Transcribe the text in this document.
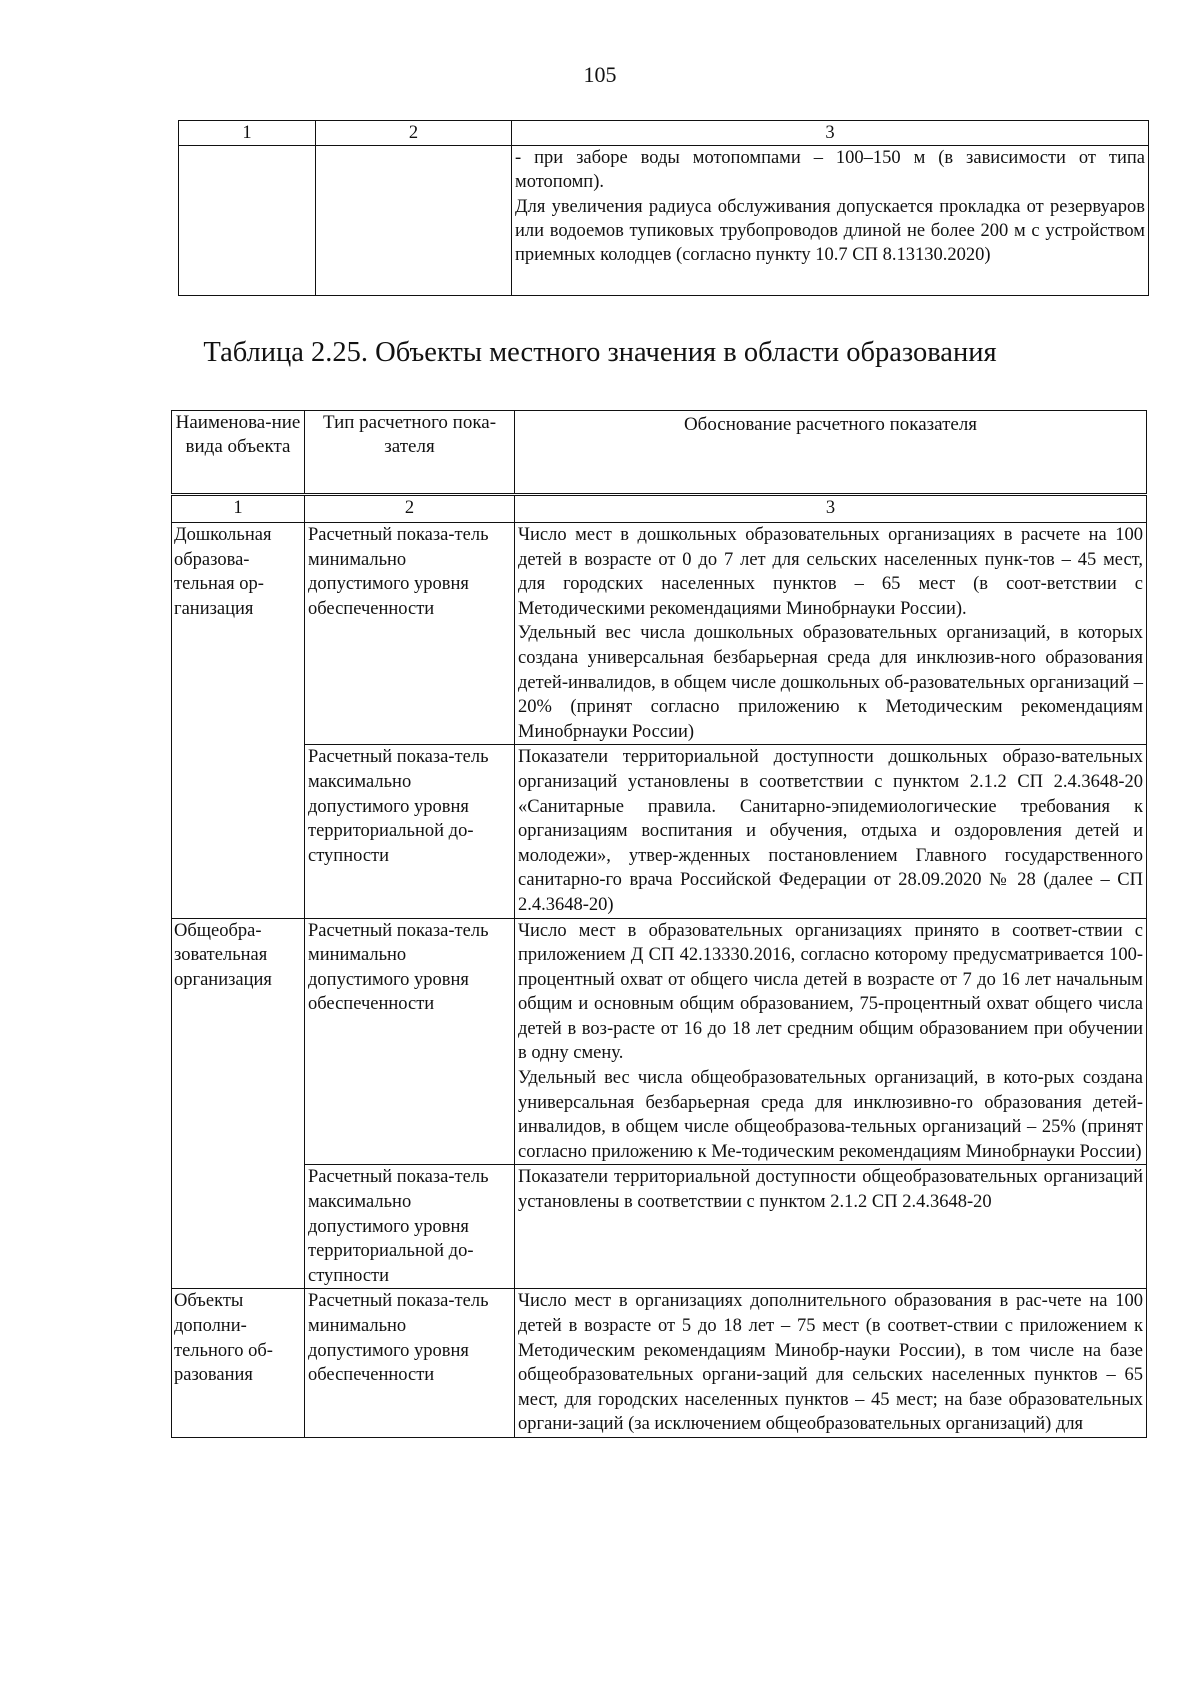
105
1	2	3

		- при заборе воды мотопомпами – 100–150 м (в зависимости от типа мотопомп).
Для увеличения радиуса обслуживания допускается прокладка от резервуаров или водоемов тупиковых трубопроводов длиной не более 200 м с устройством приемных колодцев (согласно пункту 10.7 СП 8.13130.2020)
Таблица 2.25. Объекты местного значения в области образования
Наименова-ние вида объекта	Тип расчетного пока-зателя	Обоснование расчетного показателя
1	2	3
Дошкольная образова-тельная ор-ганизация	Расчетный показа-тель минимально допустимого уровня обеспеченности	Число мест в дошкольных образовательных организациях в расчете на 100 детей в возрасте от 0 до 7 лет для сельских населенных пунк-тов – 45 мест, для городских населенных пунктов – 65 мест (в соот-ветствии с Методическими рекомендациями Минобрнауки России).

Удельный вес числа дошкольных образовательных организаций, в которых создана универсальная безбарьерная среда для инклюзив-ного образования детей-инвалидов, в общем числе дошкольных об-разовательных организаций – 20% (принят согласно приложению к Методическим рекомендациям Минобрнауки России)

	Расчетный показа-тель максимально допустимого уровня территориальной до-ступности	Показатели территориальной доступности дошкольных образо-вательных организаций установлены в соответствии с пунктом 2.1.2 СП 2.4.3648-20 «Санитарные правила. Санитарно-эпидемиологические требования к организациям воспитания и обучения, отдыха и оздоровления детей и молодежи», утвер-жденных постановлением Главного государственного санитарно-го врача Российской Федерации от 28.09.2020 № 28 (далее – СП 2.4.3648-20)

Общеобра-зовательная организация	Расчетный показа-тель минимально допустимого уровня обеспеченности	Число мест в образовательных организациях принято в соответ-ствии с приложением Д СП 42.13330.2016, согласно которому предусматривается 100-процентный охват от общего числа детей в возрасте от 7 до 16 лет начальным общим и основным общим образованием, 75-процентный охват общего числа детей в воз-расте от 16 до 18 лет средним общим образованием при обучении в одну смену.

Удельный вес числа общеобразовательных организаций, в кото-рых создана универсальная безбарьерная среда для инклюзивно-го образования детей-инвалидов, в общем числе общеобразова-тельных организаций – 25% (принят согласно приложению к Ме-тодическим рекомендациям Минобрнауки России)

	Расчетный показа-тель максимально допустимого уровня территориальной до-ступности	Показатели территориальной доступности общеобразовательных организаций установлены в соответствии с пунктом 2.1.2 СП 2.4.3648-20

Объекты дополни-тельного об-разования	Расчетный показа-тель минимально допустимого уровня обеспеченности	Число мест в организациях дополнительного образования в рас-чете на 100 детей в возрасте от 5 до 18 лет – 75 мест (в соответ-ствии с приложением к Методическим рекомендациям Минобр-науки России), в том числе на базе общеобразовательных органи-заций для сельских населенных пунктов – 65 мест, для городских населенных пунктов – 45 мест; на базе образовательных органи-заций (за исключением общеобразовательных организаций) для
